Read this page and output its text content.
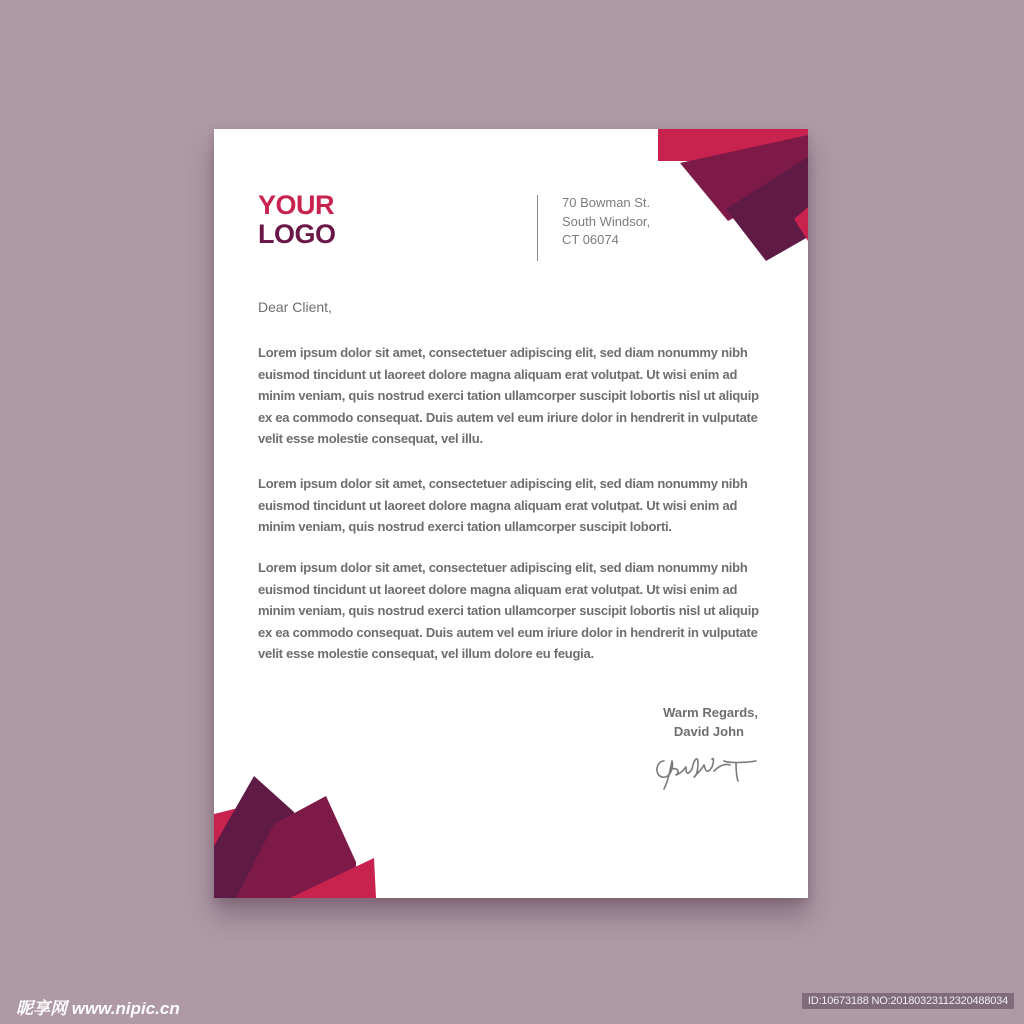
YOUR
LOGO
70 Bowman St.
South Windsor,
CT 06074
Dear Client,
Lorem ipsum dolor sit amet, consectetuer adipiscing elit, sed diam nonummy nibh euismod tincidunt ut laoreet dolore magna aliquam erat volutpat. Ut wisi enim ad minim veniam, quis nostrud exerci tation ullamcorper suscipit lobortis nisl ut aliquip ex ea commodo consequat. Duis autem vel eum iriure dolor in hendrerit in vulputate velit esse molestie consequat, vel illu.
Lorem ipsum dolor sit amet, consectetuer adipiscing elit, sed diam nonummy nibh euismod tincidunt ut laoreet dolore magna aliquam erat volutpat. Ut wisi enim ad minim veniam, quis nostrud exerci tation ullamcorper suscipit loborti.
Lorem ipsum dolor sit amet, consectetuer adipiscing elit, sed diam nonummy nibh euismod tincidunt ut laoreet dolore magna aliquam erat volutpat. Ut wisi enim ad minim veniam, quis nostrud exerci tation ullamcorper suscipit lobortis nisl ut aliquip ex ea commodo consequat. Duis autem vel eum iriure dolor in hendrerit in vulputate velit esse molestie consequat, vel illum dolore eu feugia.
Warm Regards,
David John
昵享网 www.nipic.cn	ID:10673188 NO:20180323112320488034
